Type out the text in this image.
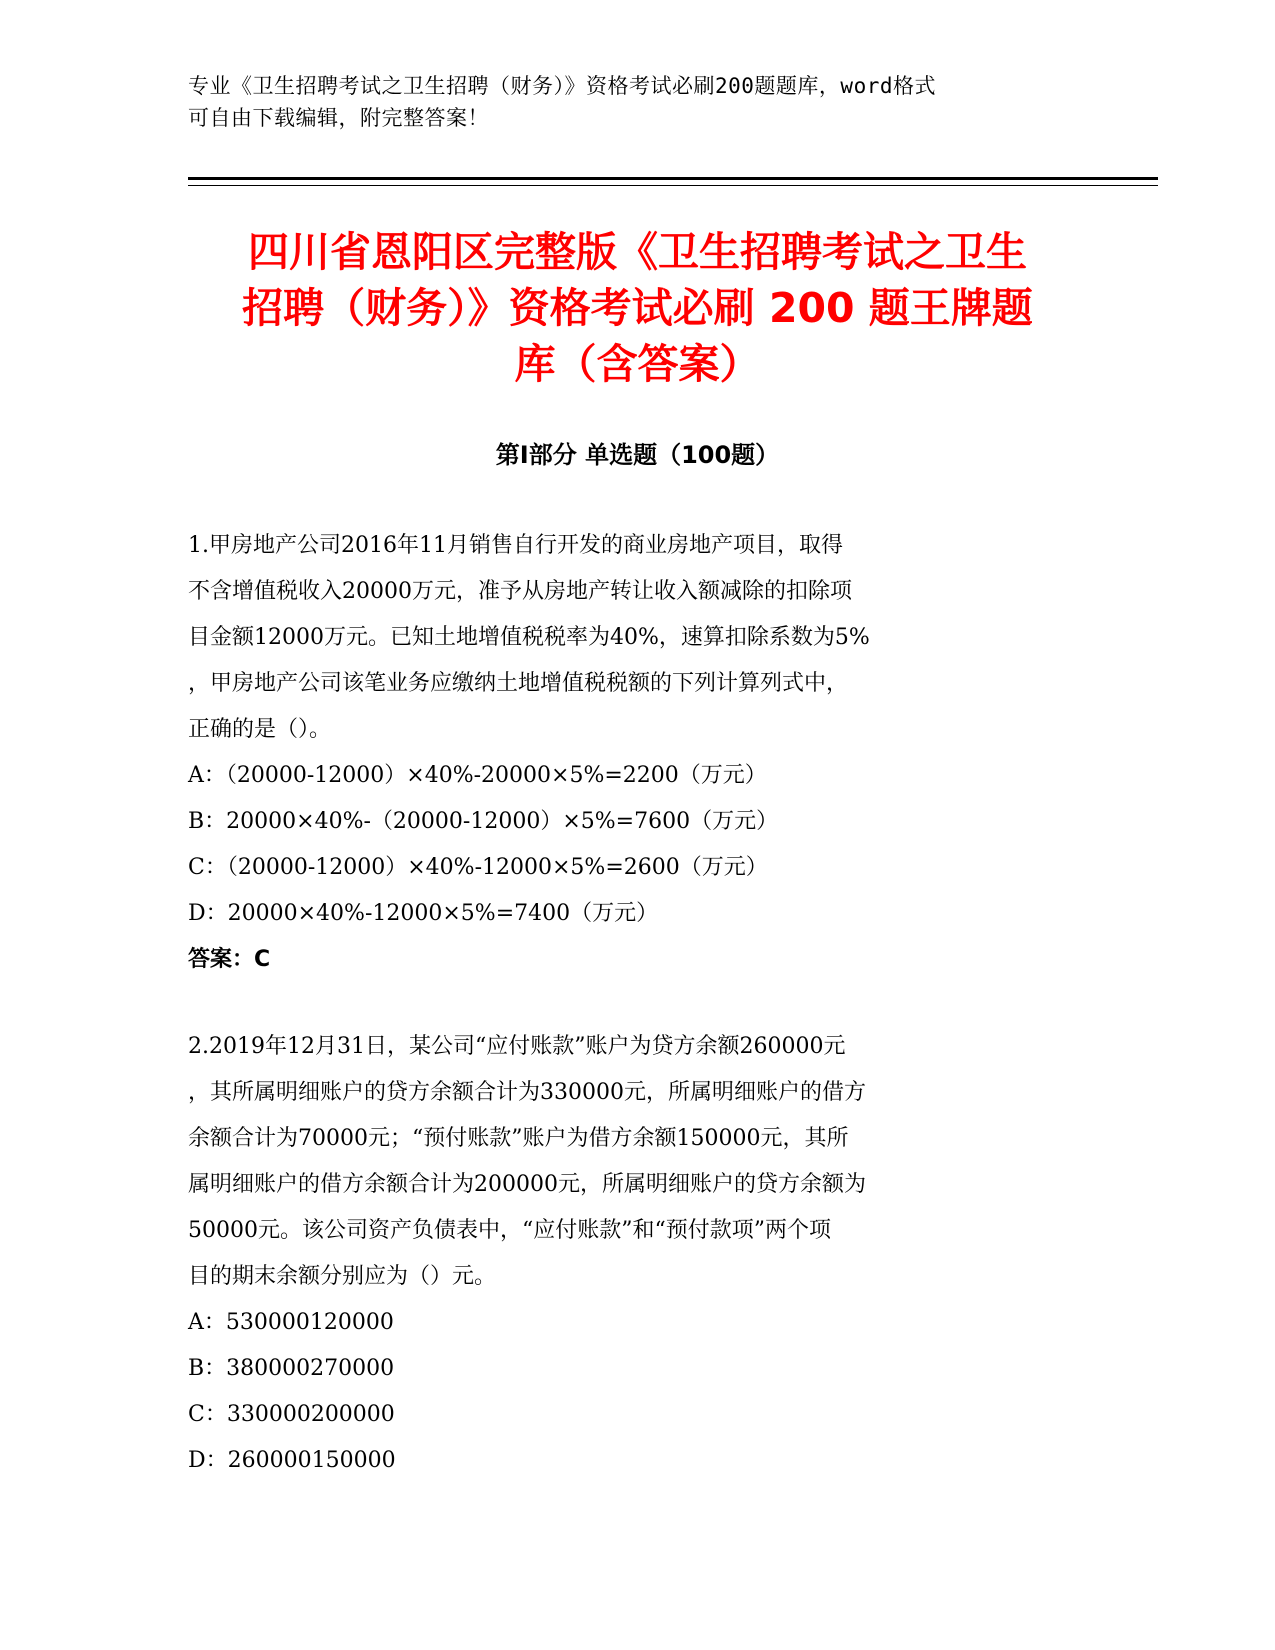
专业《卫生招聘考试之卫生招聘（财务）》资格考试必刷200题题库，word格式
可自由下载编辑，附完整答案！
四川省恩阳区完整版《卫生招聘考试之卫生
招聘（财务）》资格考试必刷 200 题王牌题
库（含答案）
第Ⅰ部分 单选题（100题）
1.甲房地产公司2016年11月销售自行开发的商业房地产项目，取得
不含增值税收入20000万元，准予从房地产转让收入额减除的扣除项
目金额12000万元。已知土地增值税税率为40%，速算扣除系数为5%
，甲房地产公司该笔业务应缴纳土地增值税税额的下列计算列式中，
正确的是（）。
A：（20000-12000）×40%-20000×5%=2200（万元）
B：20000×40%-（20000-12000）×5%=7600（万元）
C：（20000-12000）×40%-12000×5%=2600（万元）
D：20000×40%-12000×5%=7400（万元）
答案：C
2.2019年12月31日，某公司“应付账款”账户为贷方余额260000元
，其所属明细账户的贷方余额合计为330000元，所属明细账户的借方
余额合计为70000元；“预付账款”账户为借方余额150000元，其所
属明细账户的借方余额合计为200000元，所属明细账户的贷方余额为
50000元。该公司资产负债表中，“应付账款”和“预付款项”两个项
目的期末余额分别应为（）元。
A：530000120000
B：380000270000
C：330000200000
D：260000150000
